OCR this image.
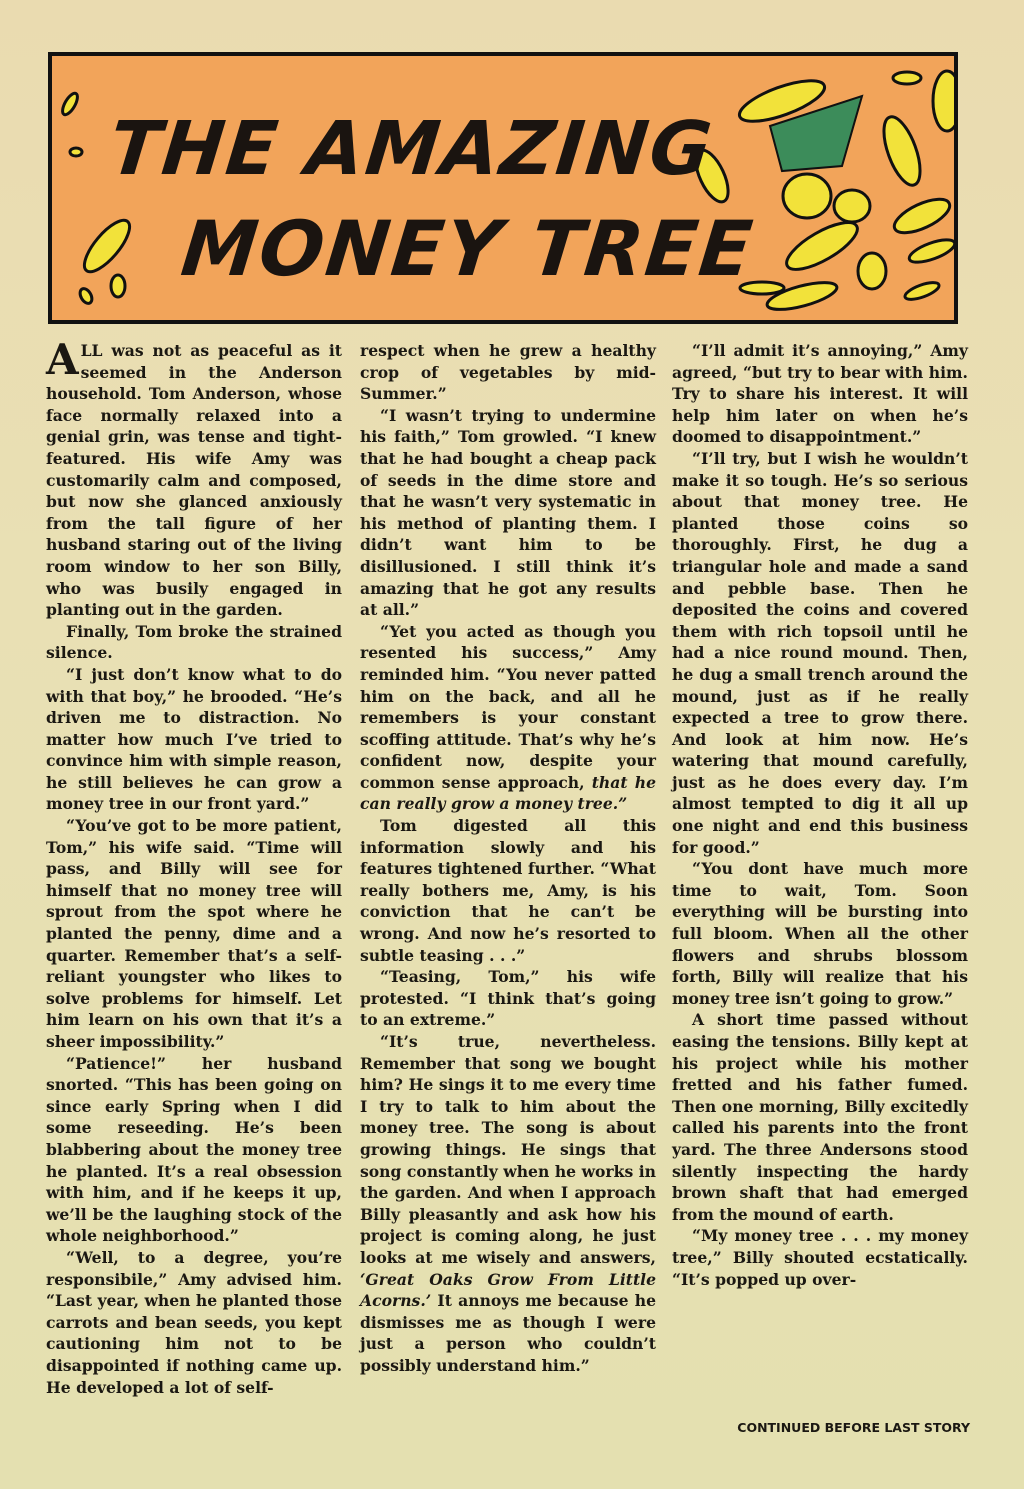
THE AMAZING
MONEY TREE

ALL was not as peaceful as it seemed in the Anderson household. Tom Anderson, whose face normally relaxed into a genial grin, was tense and tight-featured. His wife Amy was customarily calm and composed, but now she glanced anxiously from the tall figure of her husband staring out of the living room window to her son Billy, who was busily engaged in planting out in the garden.

Finally, Tom broke the strained silence.

“I just don’t know what to do with that boy,” he brooded. “He’s driven me to distraction. No matter how much I’ve tried to convince him with simple reason, he still believes he can grow a money tree in our front yard.”

“You’ve got to be more patient, Tom,” his wife said. “Time will pass, and Billy will see for himself that no money tree will sprout from the spot where he planted the penny, dime and a quarter. Remember that’s a self-reliant youngster who likes to solve problems for himself. Let him learn on his own that it’s a sheer impossibility.”

“Patience!” her husband snorted. “This has been going on since early Spring when I did some reseeding. He’s been blabbering about the money tree he planted. It’s a real obsession with him, and if he keeps it up, we’ll be the laughing stock of the whole neighborhood.”

“Well, to a degree, you’re responsibile,” Amy advised him. “Last year, when he planted those carrots and bean seeds, you kept cautioning him not to be disappointed if nothing came up. He developed a lot of self-

respect when he grew a healthy crop of vegetables by mid-Summer.”

“I wasn’t trying to undermine his faith,” Tom growled. “I knew that he had bought a cheap pack of seeds in the dime store and that he wasn’t very systematic in his method of planting them. I didn’t want him to be disillusioned. I still think it’s amazing that he got any results at all.”

“Yet you acted as though you resented his success,” Amy reminded him. “You never patted him on the back, and all he remembers is your constant scoffing attitude. That’s why he’s confident now, despite your common sense approach, that he can really grow a money tree.”

Tom digested all this information slowly and his features tightened further. “What really bothers me, Amy, is his conviction that he can’t be wrong. And now he’s resorted to subtle teasing . . .”

“Teasing, Tom,” his wife protested. “I think that’s going to an extreme.”

“It’s true, nevertheless. Remember that song we bought him? He sings it to me every time I try to talk to him about the money tree. The song is about growing things. He sings that song constantly when he works in the garden. And when I approach Billy pleasantly and ask how his project is coming along, he just looks at me wisely and answers, ‘Great Oaks Grow From Little Acorns.’ It annoys me because he dismisses me as though I were just a person who couldn’t possibly understand him.”

“I’ll admit it’s annoying,” Amy agreed, “but try to bear with him. Try to share his interest. It will help him later on when he’s doomed to disappointment.”

“I’ll try, but I wish he wouldn’t make it so tough. He’s so serious about that money tree. He planted those coins so thoroughly. First, he dug a triangular hole and made a sand and pebble base. Then he deposited the coins and covered them with rich topsoil until he had a nice round mound. Then, he dug a small trench around the mound, just as if he really expected a tree to grow there. And look at him now. He’s watering that mound carefully, just as he does every day. I’m almost tempted to dig it all up one night and end this business for good.”

“You dont have much more time to wait, Tom. Soon everything will be bursting into full bloom. When all the other flowers and shrubs blossom forth, Billy will realize that his money tree isn’t going to grow.”

A short time passed without easing the tensions. Billy kept at his project while his mother fretted and his father fumed. Then one morning, Billy excitedly called his parents into the front yard. The three Andersons stood silently inspecting the hardy brown shaft that had emerged from the mound of earth.

“My money tree . . . my money tree,” Billy shouted ecstatically. “It’s popped up over-

CONTINUED BEFORE LAST STORY
